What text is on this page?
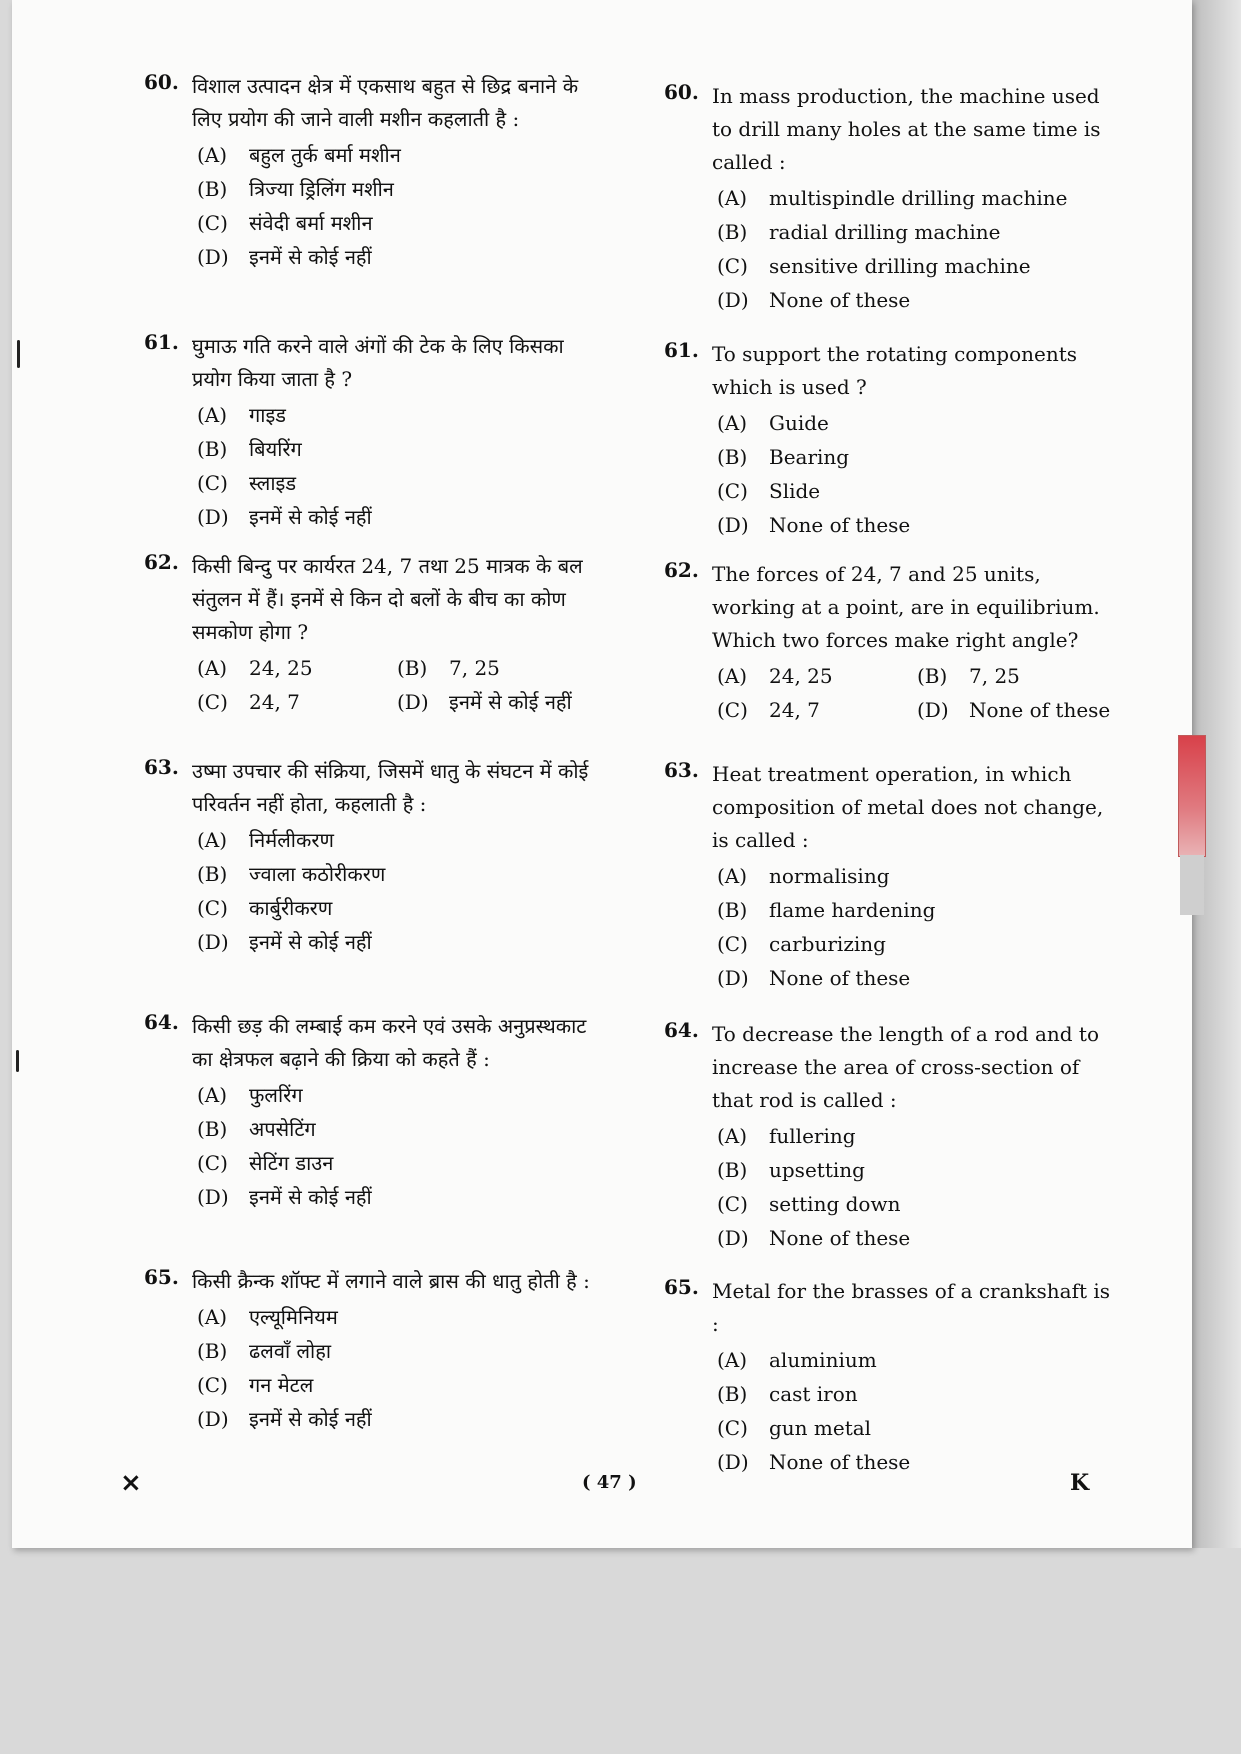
60. विशाल उत्पादन क्षेत्र में एकसाथ बहुत से छिद्र बनाने के लिए प्रयोग की जाने वाली मशीन कहलाती है :
(A) बहुल तुर्क बर्मा मशीन
(B) त्रिज्या ड्रिलिंग मशीन
(C) संवेदी बर्मा मशीन
(D) इनमें से कोई नहीं
61. घुमाऊ गति करने वाले अंगों की टेक के लिए किसका प्रयोग किया जाता है ?
(A) गाइड
(B) बियरिंग
(C) स्लाइड
(D) इनमें से कोई नहीं
62. किसी बिन्दु पर कार्यरत 24, 7 तथा 25 मात्रक के बल संतुलन में हैं। इनमें से किन दो बलों के बीच का कोण समकोण होगा ?
(A) 24, 25	(B) 7, 25
(C) 24, 7	(D) इनमें से कोई नहीं
63. उष्मा उपचार की संक्रिया, जिसमें धातु के संघटन में कोई परिवर्तन नहीं होता, कहलाती है :
(A) निर्मलीकरण
(B) ज्वाला कठोरीकरण
(C) कार्बुरीकरण
(D) इनमें से कोई नहीं
64. किसी छड़ की लम्बाई कम करने एवं उसके अनुप्रस्थकाट का क्षेत्रफल बढ़ाने की क्रिया को कहते हैं :
(A) फुलरिंग
(B) अपसेटिंग
(C) सेटिंग डाउन
(D) इनमें से कोई नहीं
65. किसी क्रैन्क शॉफ्ट में लगाने वाले ब्रास की धातु होती है :
(A) एल्यूमिनियम
(B) ढलवाँ लोहा
(C) गन मेटल
(D) इनमें से कोई नहीं
60. In mass production, the machine used to drill many holes at the same time is called :
(A) multispindle drilling machine
(B) radial drilling machine
(C) sensitive drilling machine
(D) None of these
61. To support the rotating components which is used ?
(A) Guide
(B) Bearing
(C) Slide
(D) None of these
62. The forces of 24, 7 and 25 units, working at a point, are in equilibrium. Which two forces make right angle?
(A) 24, 25	(B) 7, 25
(C) 24, 7	(D) None of these
63. Heat treatment operation, in which composition of metal does not change, is called :
(A) normalising
(B) flame hardening
(C) carburizing
(D) None of these
64. To decrease the length of a rod and to increase the area of cross-section of that rod is called :
(A) fullering
(B) upsetting
(C) setting down
(D) None of these
65. Metal for the brasses of a crankshaft is :
(A) aluminium
(B) cast iron
(C) gun metal
(D) None of these
×	( 47 )	K
